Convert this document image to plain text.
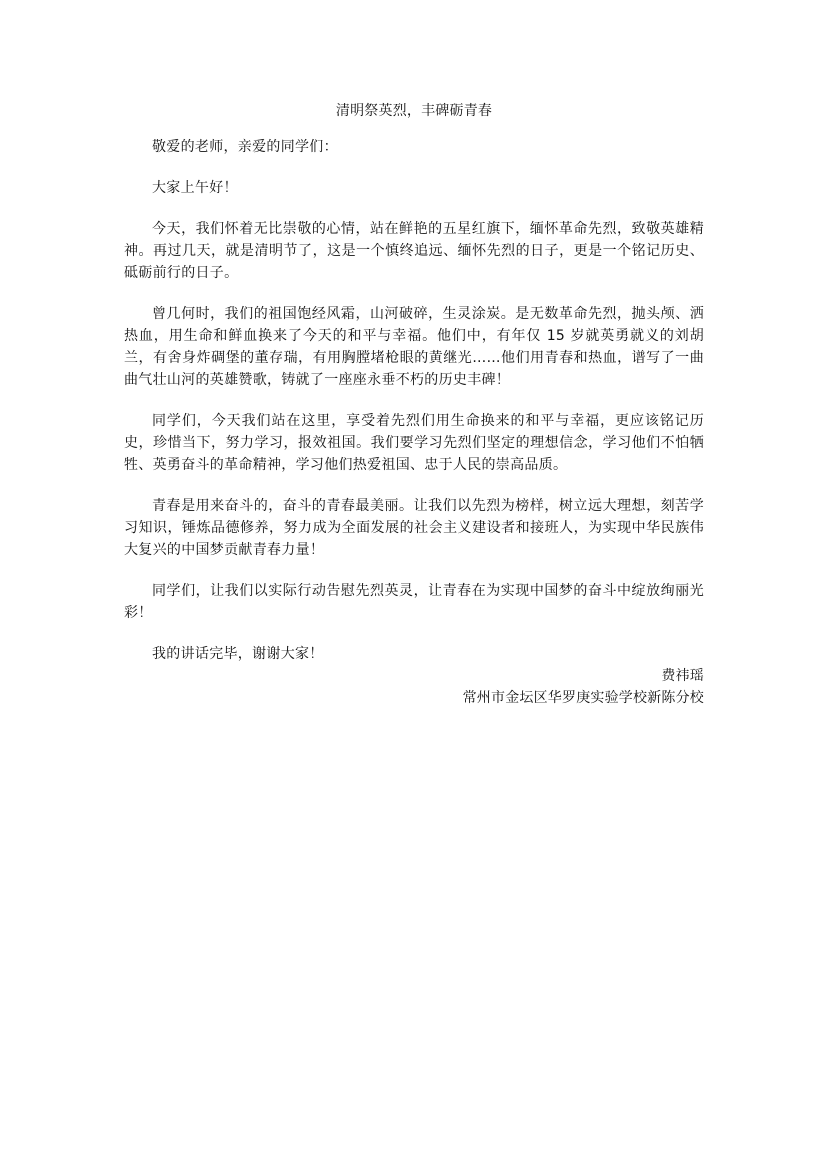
清明祭英烈，丰碑砺青春

敬爱的老师，亲爱的同学们：

大家上午好！

今天，我们怀着无比崇敬的心情，站在鲜艳的五星红旗下，缅怀革命先烈，致敬英雄精神。再过几天，就是清明节了，这是一个慎终追远、缅怀先烈的日子，更是一个铭记历史、砥砺前行的日子。

曾几何时，我们的祖国饱经风霜，山河破碎，生灵涂炭。是无数革命先烈，抛头颅、洒热血，用生命和鲜血换来了今天的和平与幸福。他们中，有年仅 15 岁就英勇就义的刘胡兰，有舍身炸碉堡的董存瑞，有用胸膛堵枪眼的黄继光……他们用青春和热血，谱写了一曲曲气壮山河的英雄赞歌，铸就了一座座永垂不朽的历史丰碑！

同学们，今天我们站在这里，享受着先烈们用生命换来的和平与幸福，更应该铭记历史，珍惜当下，努力学习，报效祖国。我们要学习先烈们坚定的理想信念，学习他们不怕牺牲、英勇奋斗的革命精神，学习他们热爱祖国、忠于人民的崇高品质。

青春是用来奋斗的，奋斗的青春最美丽。让我们以先烈为榜样，树立远大理想，刻苦学习知识，锤炼品德修养，努力成为全面发展的社会主义建设者和接班人，为实现中华民族伟大复兴的中国梦贡献青春力量！

同学们，让我们以实际行动告慰先烈英灵，让青春在为实现中国梦的奋斗中绽放绚丽光彩！

我的讲话完毕，谢谢大家！

费祎瑶

常州市金坛区华罗庚实验学校新陈分校
